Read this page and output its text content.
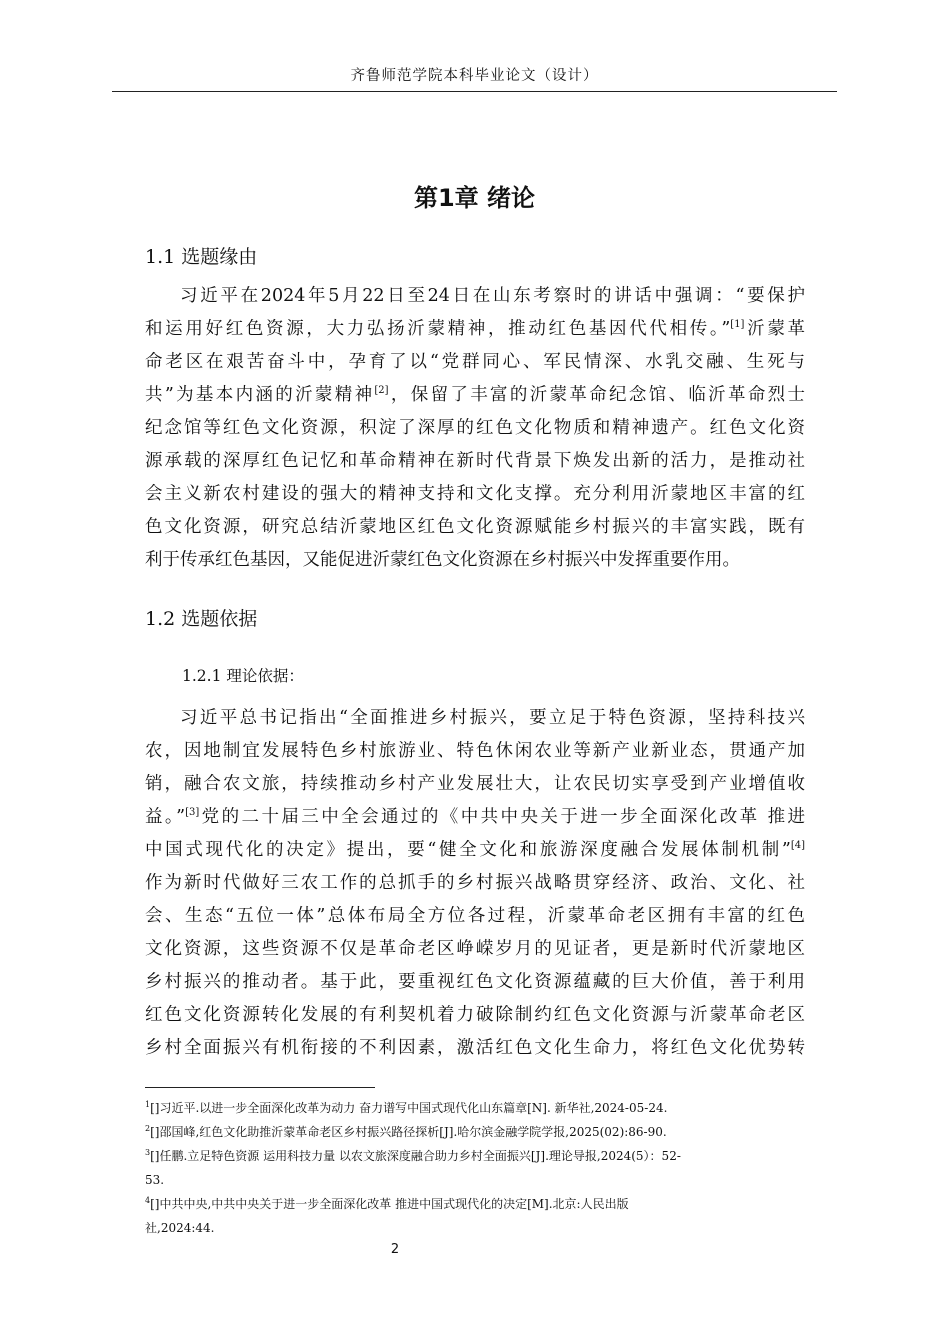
齐鲁师范学院本科毕业论文（设计）
第1章 绪论
1.1 选题缘由
习近平在2024年5月22日至24日在山东考察时的讲话中强调：“要保护
和运用好红色资源，大力弘扬沂蒙精神，推动红色基因代代相传。”[1]沂蒙革
命老区在艰苦奋斗中，孕育了以“党群同心、军民情深、水乳交融、生死与
共”为基本内涵的沂蒙精神[2]，保留了丰富的沂蒙革命纪念馆、临沂革命烈士
纪念馆等红色文化资源，积淀了深厚的红色文化物质和精神遗产。红色文化资
源承载的深厚红色记忆和革命精神在新时代背景下焕发出新的活力，是推动社
会主义新农村建设的强大的精神支持和文化支撑。充分利用沂蒙地区丰富的红
色文化资源，研究总结沂蒙地区红色文化资源赋能乡村振兴的丰富实践，既有
利于传承红色基因，又能促进沂蒙红色文化资源在乡村振兴中发挥重要作用。
1.2 选题依据
1.2.1 理论依据：
习近平总书记指出“全面推进乡村振兴，要立足于特色资源，坚持科技兴
农，因地制宜发展特色乡村旅游业、特色休闲农业等新产业新业态，贯通产加
销，融合农文旅，持续推动乡村产业发展壮大，让农民切实享受到产业增值收
益。”[3]党的二十届三中全会通过的《中共中央关于进一步全面深化改革 推进
中国式现代化的决定》提出，要“健全文化和旅游深度融合发展体制机制”[4]
作为新时代做好三农工作的总抓手的乡村振兴战略贯穿经济、政治、文化、社
会、生态“五位一体”总体布局全方位各过程，沂蒙革命老区拥有丰富的红色
文化资源，这些资源不仅是革命老区峥嵘岁月的见证者，更是新时代沂蒙地区
乡村振兴的推动者。基于此，要重视红色文化资源蕴藏的巨大价值，善于利用
红色文化资源转化发展的有利契机着力破除制约红色文化资源与沂蒙革命老区
乡村全面振兴有机衔接的不利因素，激活红色文化生命力，将红色文化优势转
$^1$[]习近平.以进一步全面深化改革为动力 奋力谱写中国式现代化山东篇章[N]. 新华社,2024-05-24.
$^2$[]邵国峰,红色文化助推沂蒙革命老区乡村振兴路径探析[J].哈尔滨金融学院学报,2025(02):86-90.
$^3$[]任鹏.立足特色资源 运用科技力量 以农文旅深度融合助力乡村全面振兴[J].理论导报,2024(5）：52-
53.
$^4$[]中共中央,中共中央关于进一步全面深化改革 推进中国式现代化的决定[M].北京:人民出版
社,2024:44.
2
